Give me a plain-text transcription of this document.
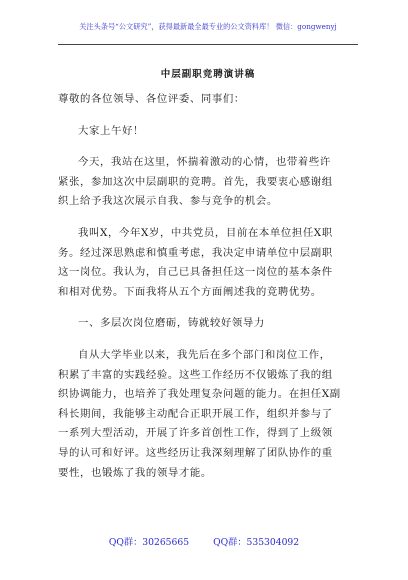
关注头条号“公文研究”，获得最新最全最专业的公文资料库！ 微信：gongwenyj
中层副职竞聘演讲稿

尊敬的各位领导、各位评委、同事们：

大家上午好！

今天，我站在这里，怀揣着激动的心情，也带着些许

紧张，参加这次中层副职的竞聘。首先，我要衷心感谢组

织上给予我这次展示自我、参与竞争的机会。

我叫X，今年X岁，中共党员，目前在本单位担任X职

务。经过深思熟虑和慎重考虑，我决定申请单位中层副职

这一岗位。我认为，自己已具备担任这一岗位的基本条件

和相对优势。下面我将从五个方面阐述我的竞聘优势。

一、多层次岗位磨砺，铸就较好领导力

自从大学毕业以来，我先后在多个部门和岗位工作，

积累了丰富的实践经验。这些工作经历不仅锻炼了我的组

织协调能力，也培养了我处理复杂问题的能力。在担任X副

科长期间，我能够主动配合正职开展工作，组织并参与了

一系列大型活动，开展了许多首创性工作，得到了上级领

导的认可和好评。这些经历让我深刻理解了团队协作的重

要性，也锻炼了我的领导才能。

QQ群：30265665	QQ群：535304092
